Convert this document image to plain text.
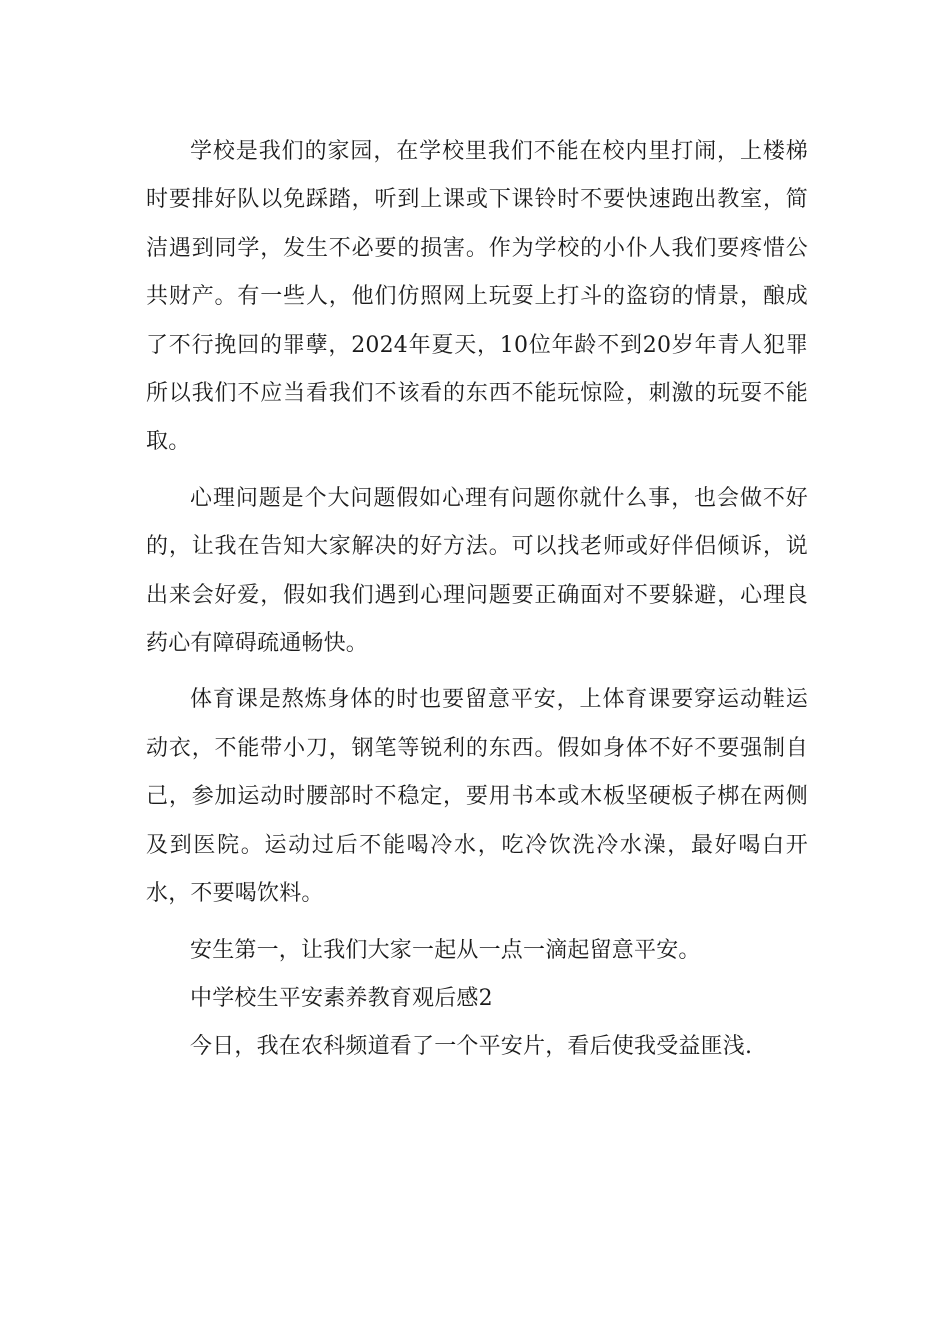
学校是我们的家园，在学校里我们不能在校内里打闹，上楼梯时要排好队以免踩踏，听到上课或下课铃时不要快速跑出教室，简洁遇到同学，发生不必要的损害。作为学校的小仆人我们要疼惜公共财产。有一些人，他们仿照网上玩耍上打斗的盗窃的情景，酿成了不行挽回的罪孽，2024年夏天，10位年龄不到20岁年青人犯罪所以我们不应当看我们不该看的东西不能玩惊险，刺激的玩耍不能取。

心理问题是个大问题假如心理有问题你就什么事，也会做不好的，让我在告知大家解决的好方法。可以找老师或好伴侣倾诉，说出来会好爱，假如我们遇到心理问题要正确面对不要躲避，心理良药心有障碍疏通畅快。

体育课是熬炼身体的时也要留意平安，上体育课要穿运动鞋运动衣，不能带小刀，钢笔等锐利的东西。假如身体不好不要强制自己，参加运动时腰部时不稳定，要用书本或木板坚硬板子梆在两侧及到医院。运动过后不能喝冷水，吃冷饮洗冷水澡，最好喝白开水，不要喝饮料。

安生第一，让我们大家一起从一点一滴起留意平安。

中学校生平安素养教育观后感2

今日，我在农科频道看了一个平安片，看后使我受益匪浅.
